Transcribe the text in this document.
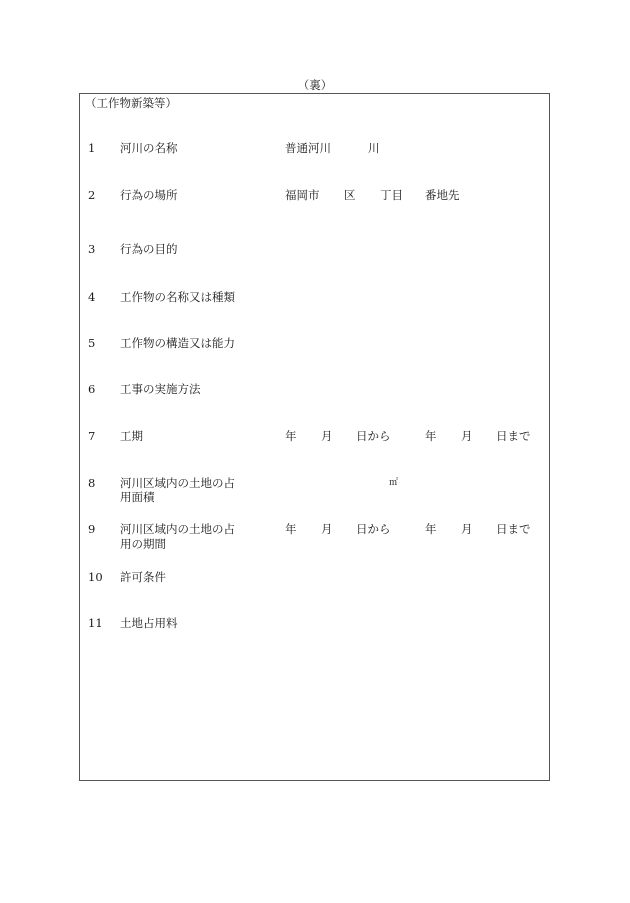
（裏）
（工作物新築等）
1	河川の名称	普通河川	川
2	行為の場所	福岡市 区 丁目 番地先
3	行為の目的
4	工作物の名称又は種類
5	工作物の構造又は能力
6	工事の実施方法
7	工期	年 月 日から	年 月 日まで
8	河川区域内の土地の占	㎡
用面積
9	河川区域内の土地の占	年 月 日から	年 月 日まで
用の期間
10	許可条件
11	土地占用料
